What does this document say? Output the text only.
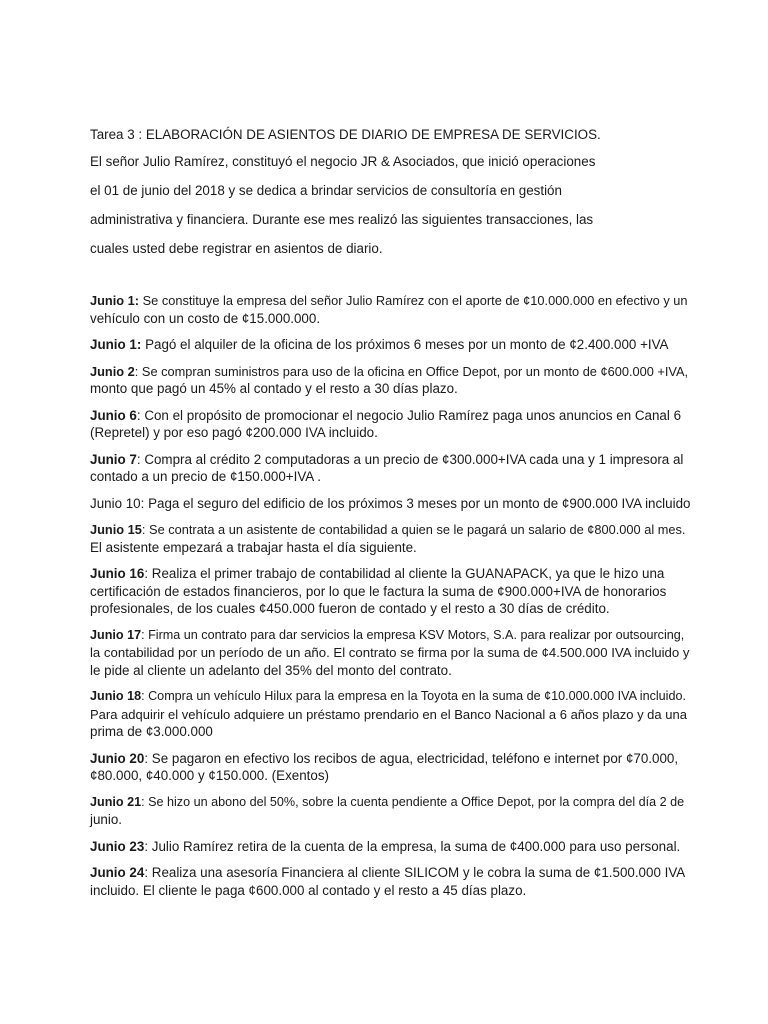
Tarea 3 : ELABORACIÓN DE ASIENTOS DE DIARIO DE EMPRESA DE SERVICIOS.

El señor Julio Ramírez, constituyó el negocio JR & Asociados, que inició operaciones

el 01 de junio del 2018 y se dedica a brindar servicios de consultoría en gestión

administrativa y financiera. Durante ese mes realizó las siguientes transacciones, las

cuales usted debe registrar en asientos de diario.

Junio 1: Se constituye la empresa del señor Julio Ramírez con el aporte de ¢10.000.000 en efectivo y un
vehículo con un costo de ¢15.000.000.
Junio 1: Pagó el alquiler de la oficina de los próximos 6 meses por un monto de ¢2.400.000 +IVA
Junio 2: Se compran suministros para uso de la oficina en Office Depot, por un monto de ¢600.000 +IVA,
monto que pagó un 45% al contado y el resto a 30 días plazo.
Junio 6: Con el propósito de promocionar el negocio Julio Ramírez paga unos anuncios en Canal 6
(Repretel) y por eso pagó ¢200.000 IVA incluido.
Junio 7: Compra al crédito 2 computadoras a un precio de ¢300.000+IVA cada una y 1 impresora al
contado a un precio de ¢150.000+IVA .
Junio 10: Paga el seguro del edificio de los próximos 3 meses por un monto de ¢900.000 IVA incluido
Junio 15: Se contrata a un asistente de contabilidad a quien se le pagará un salario de ¢800.000 al mes.
El asistente empezará a trabajar hasta el día siguiente.
Junio 16: Realiza el primer trabajo de contabilidad al cliente la GUANAPACK, ya que le hizo una
certificación de estados financieros, por lo que le factura la suma de ¢900.000+IVA de honorarios
profesionales, de los cuales ¢450.000 fueron de contado y el resto a 30 días de crédito.
Junio 17: Firma un contrato para dar servicios la empresa KSV Motors, S.A. para realizar por outsourcing,
la contabilidad por un período de un año. El contrato se firma por la suma de ¢4.500.000 IVA incluido y
le pide al cliente un adelanto del 35% del monto del contrato.
Junio 18: Compra un vehículo Hilux para la empresa en la Toyota en la suma de ¢10.000.000 IVA incluido.
Para adquirir el vehículo adquiere un préstamo prendario en el Banco Nacional a 6 años plazo y da una
prima de ¢3.000.000
Junio 20: Se pagaron en efectivo los recibos de agua, electricidad, teléfono e internet por ¢70.000,
¢80.000, ¢40.000 y ¢150.000. (Exentos)
Junio 21: Se hizo un abono del 50%, sobre la cuenta pendiente a Office Depot, por la compra del día 2 de
junio.
Junio 23: Julio Ramírez retira de la cuenta de la empresa, la suma de ¢400.000 para uso personal.
Junio 24: Realiza una asesoría Financiera al cliente SILICOM y le cobra la suma de ¢1.500.000 IVA
incluido. El cliente le paga ¢600.000 al contado y el resto a 45 días plazo.
